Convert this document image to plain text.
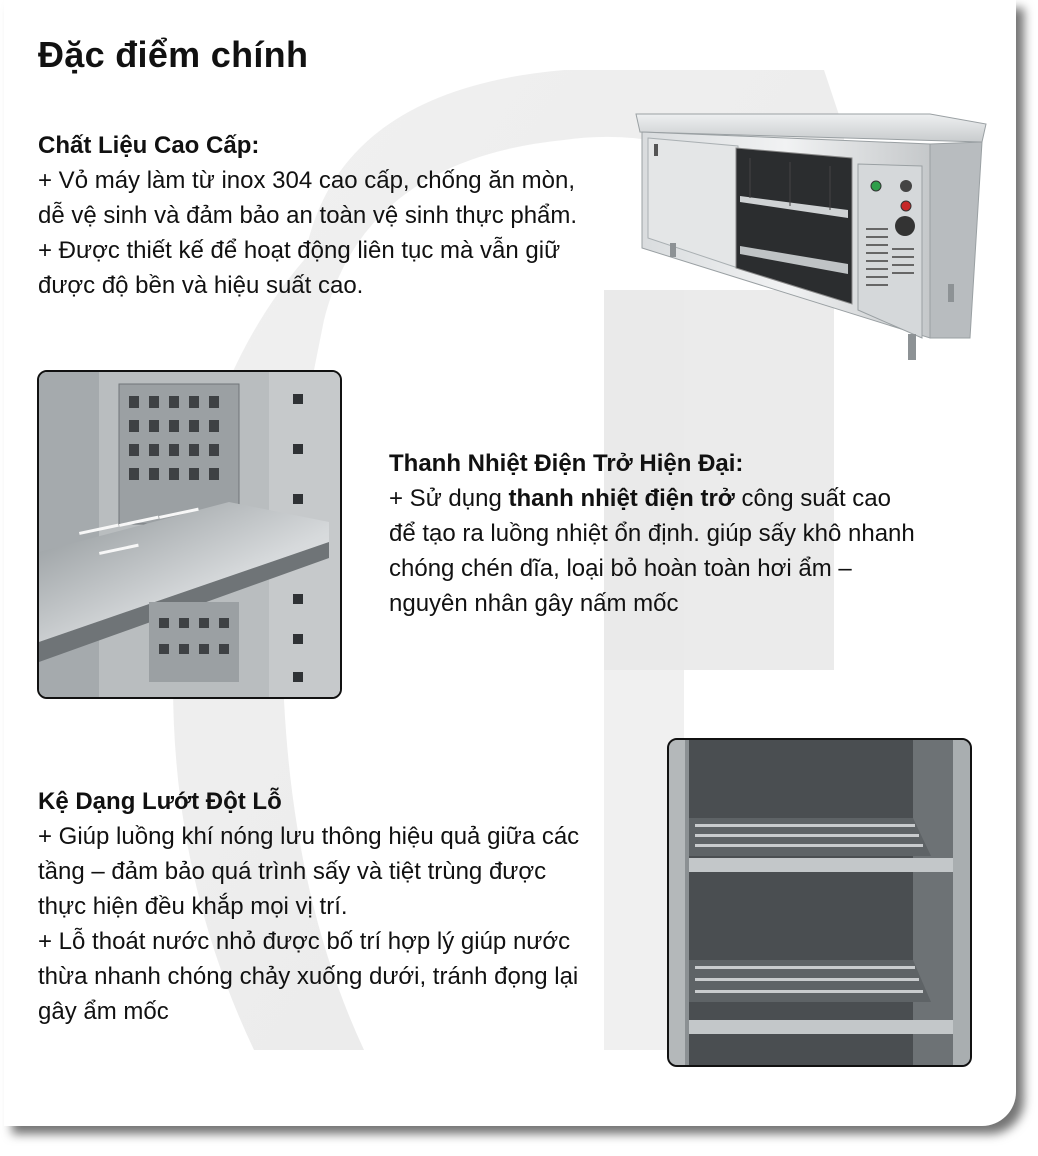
Đặc điểm chính
Chất Liệu Cao Cấp:

+ Vỏ máy làm từ inox 304 cao cấp, chống ăn mòn,

dễ vệ sinh và đảm bảo an toàn vệ sinh thực phẩm.

+ Được thiết kế để hoạt động liên tục mà vẫn giữ

được độ bền và hiệu suất cao.

Thanh Nhiệt Điện Trở Hiện Đại:

+ Sử dụng thanh nhiệt điện trở công suất cao

để tạo ra luồng nhiệt ổn định. giúp sấy khô nhanh

chóng chén dĩa, loại bỏ hoàn toàn hơi ẩm –

nguyên nhân gây nấm mốc

Kệ Dạng Lướt Đột Lỗ

+ Giúp luồng khí nóng lưu thông hiệu quả giữa các

tầng – đảm bảo quá trình sấy và tiệt trùng được

thực hiện đều khắp mọi vị trí.

+ Lỗ thoát nước nhỏ được bố trí hợp lý giúp nước

thừa nhanh chóng chảy xuống dưới, tránh đọng lại

gây ẩm mốc
